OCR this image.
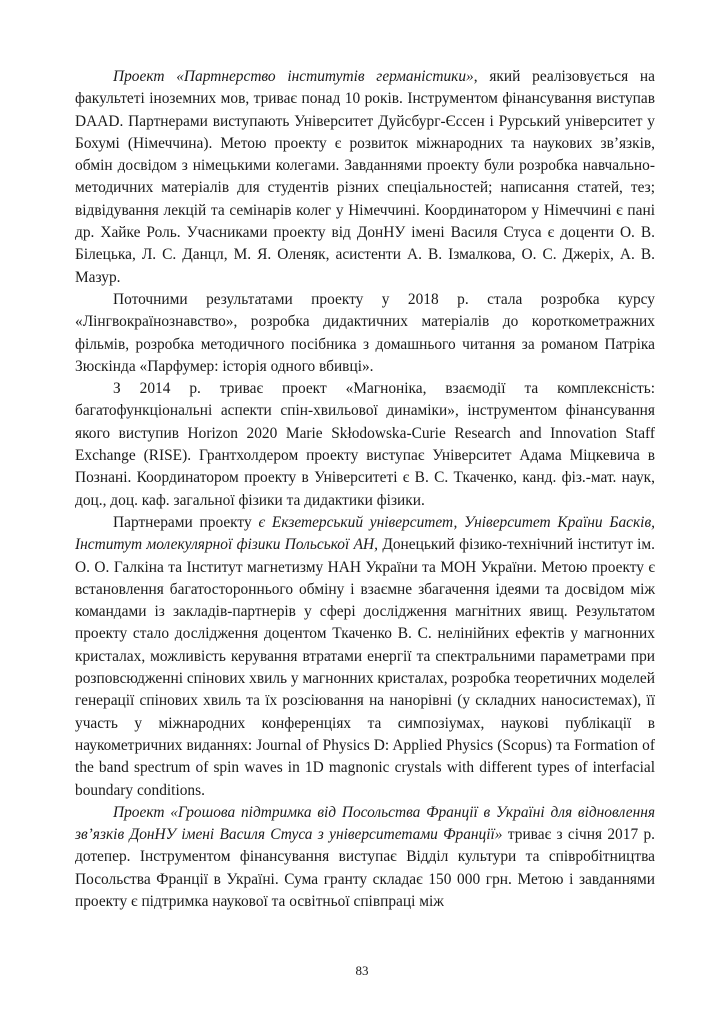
Проект «Партнерство інститутів германістики», який реалізовується на факультеті іноземних мов, триває понад 10 років. Інструментом фінансування виступав DAAD. Партнерами виступають Університет Дуйсбург-Єссен і Рурський університет у Бохумі (Німеччина). Метою проекту є розвиток міжнародних та наукових зв’язків, обмін досвідом з німецькими колегами. Завданнями проекту були розробка навчально-методичних матеріалів для студентів різних спеціальностей; написання статей, тез; відвідування лекцій та семінарів колег у Німеччині. Координатором у Німеччині є пані др. Хайке Роль. Учасниками проекту від ДонНУ імені Василя Стуса є доценти О. В. Білецька, Л. С. Данцл, М. Я. Оленяк, асистенти А. В. Ізмалкова, О. С. Джерiх, А. В. Мазур.

Поточними результатами проекту у 2018 р. стала розробка курсу «Лінгвокраїнознавство», розробка дидактичних матеріалів до короткометражних фільмів, розробка методичного посібника з домашнього читання за романом Патріка Зюскінда «Парфумер: історія одного вбивці».

З 2014 р. триває проект «Магноніка, взаємодії та комплексність: багатофункціональні аспекти спін-хвильової динаміки», інструментом фінансування якого виступив Horizon 2020 Marie Skłodowska-Curie Research and Innovation Staff Exchange (RISE). Грантхолдером проекту виступає Університет Адама Міцкевича в Познані. Координатором проекту в Університеті є В. С. Ткаченко, канд. фіз.-мат. наук, доц., доц. каф. загальної фізики та дидактики фізики.

Партнерами проекту є Екзетерський університет, Університет Країни Басків, Інститут молекулярної фізики Польської АН, Донецький фізико-технічний інститут ім. О. О. Галкіна та Інститут магнетизму НАН України та МОН України. Метою проекту є встановлення багатостороннього обміну і взаємне збагачення ідеями та досвідом між командами із закладів-партнерів у сфері дослідження магнітних явищ. Результатом проекту стало дослідження доцентом Ткаченко В. С. нелінійних ефектів у магнонних кристалах, можливість керування втратами енергії та спектральними параметрами при розповсюдженні спінових хвиль у магнонних кристалах, розробка теоретичних моделей генерації спінових хвиль та їх розсіювання на нанорівні (у складних наносистемах), її участь у міжнародних конференціях та симпозіумах, наукові публікації в наукометричних виданнях: Journal of Physics D: Applied Physics (Scopus) та Formation of the band spectrum of spin waves in 1D magnonic crystals with different types of interfacial boundary conditions.

Проект «Грошова підтримка від Посольства Франції в Україні для відновлення зв’язків ДонНУ імені Василя Стуса з університетами Франції» триває з січня 2017 р. дотепер. Інструментом фінансування виступає Відділ культури та співробітництва Посольства Франції в Україні. Сума гранту складає 150 000 грн. Метою і завданнями проекту є підтримка наукової та освітньої співпраці між

83
